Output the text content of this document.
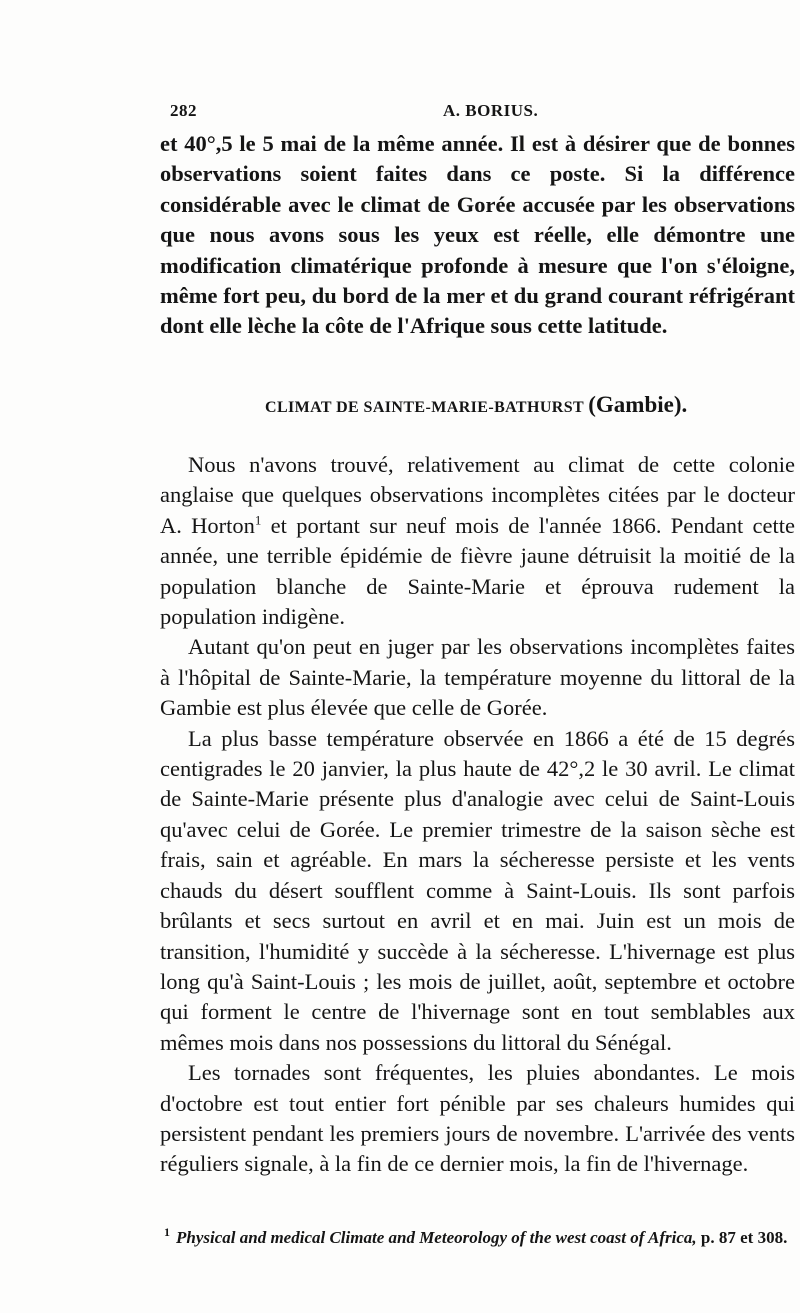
282	A. BORIUS.

et 40°,5 le 5 mai de la même année. Il est à désirer que de bonnes observations soient faites dans ce poste. Si la différence considérable avec le climat de Gorée accusée par les observations que nous avons sous les yeux est réelle, elle démontre une modification climatérique profonde à mesure que l'on s'éloigne, même fort peu, du bord de la mer et du grand courant réfrigérant dont elle lèche la côte de l'Afrique sous cette latitude.

CLIMAT DE SAINTE-MARIE-BATHURST (Gambie).

Nous n'avons trouvé, relativement au climat de cette colonie anglaise que quelques observations incomplètes citées par le docteur A. Horton$^1$ et portant sur neuf mois de l'année 1866. Pendant cette année, une terrible épidémie de fièvre jaune détruisit la moitié de la population blanche de Sainte-Marie et éprouva rudement la population indigène.

Autant qu'on peut en juger par les observations incomplètes faites à l'hôpital de Sainte-Marie, la température moyenne du littoral de la Gambie est plus élevée que celle de Gorée.

La plus basse température observée en 1866 a été de 15 degrés centigrades le 20 janvier, la plus haute de 42°,2 le 30 avril. Le climat de Sainte-Marie présente plus d'analogie avec celui de Saint-Louis qu'avec celui de Gorée. Le premier trimestre de la saison sèche est frais, sain et agréable. En mars la sécheresse persiste et les vents chauds du désert soufflent comme à Saint-Louis. Ils sont parfois brûlants et secs surtout en avril et en mai. Juin est un mois de transition, l'humidité y succède à la sécheresse. L'hivernage est plus long qu'à Saint-Louis ; les mois de juillet, août, septembre et octobre qui forment le centre de l'hivernage sont en tout semblables aux mêmes mois dans nos possessions du littoral du Sénégal.

Les tornades sont fréquentes, les pluies abondantes. Le mois d'octobre est tout entier fort pénible par ses chaleurs humides qui persistent pendant les premiers jours de novembre. L'arrivée des vents réguliers signale, à la fin de ce dernier mois, la fin de l'hivernage.

$^1$ Physical and medical Climate and Meteorology of the west coast of Africa, p. 87 et 308.
